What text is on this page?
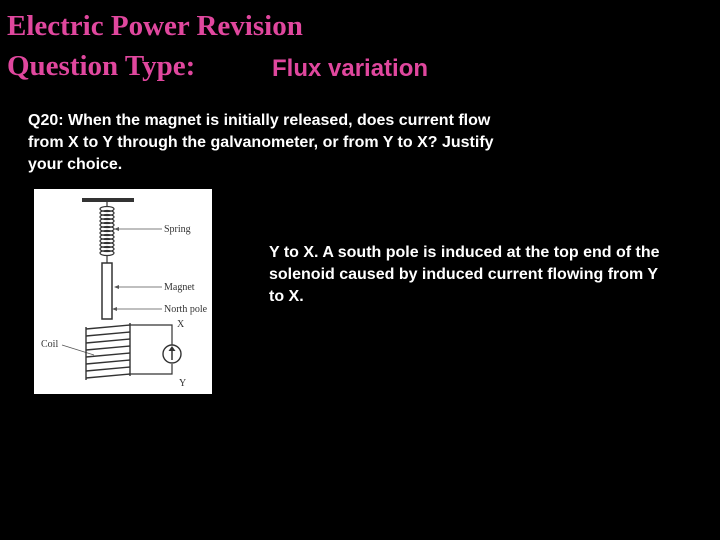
Electric Power Revision
Question Type:	Flux variation

Q20: When the magnet is initially released, does current flow from X to Y through the galvanometer, or from Y to X? Justify your choice.

Spring
Magnet
North pole
X
Coil
Y

Y to X. A south pole is induced at the top end of the solenoid caused by induced current flowing from Y to X.
